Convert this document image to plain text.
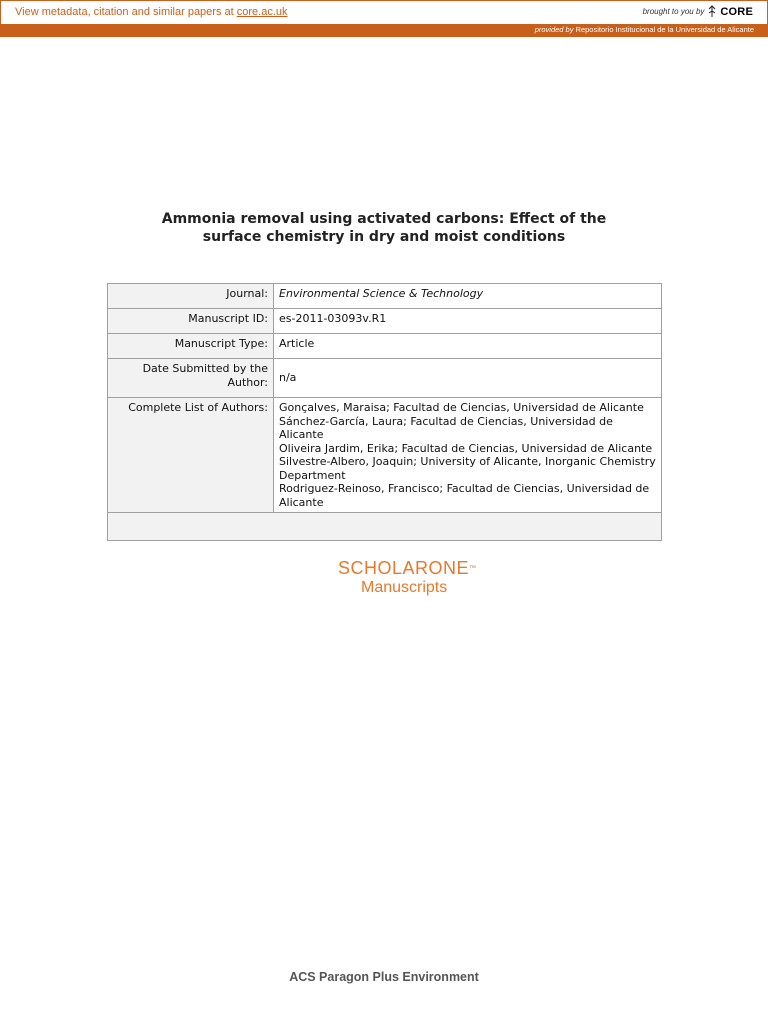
View metadata, citation and similar papers at core.ac.uk	brought to you by CORE
provided by Repositorio Institucional de la Universidad de Alicante
Ammonia removal using activated carbons: Effect of the
surface chemistry in dry and moist conditions
Journal:	Environmental Science & Technology
Manuscript ID:	es-2011-03093v.R1
Manuscript Type:	Article
Date Submitted by the Author:	n/a
Complete List of Authors:	Gonçalves, Maraisa; Facultad de Ciencias, Universidad de Alicante
Sánchez-García, Laura; Facultad de Ciencias, Universidad de Alicante
Oliveira Jardim, Erika; Facultad de Ciencias, Universidad de Alicante
Silvestre-Albero, Joaquin; University of Alicante, Inorganic Chemistry Department
Rodriguez-Reinoso, Francisco; Facultad de Ciencias, Universidad de Alicante

SCHOLARONE™
Manuscripts
ACS Paragon Plus Environment
